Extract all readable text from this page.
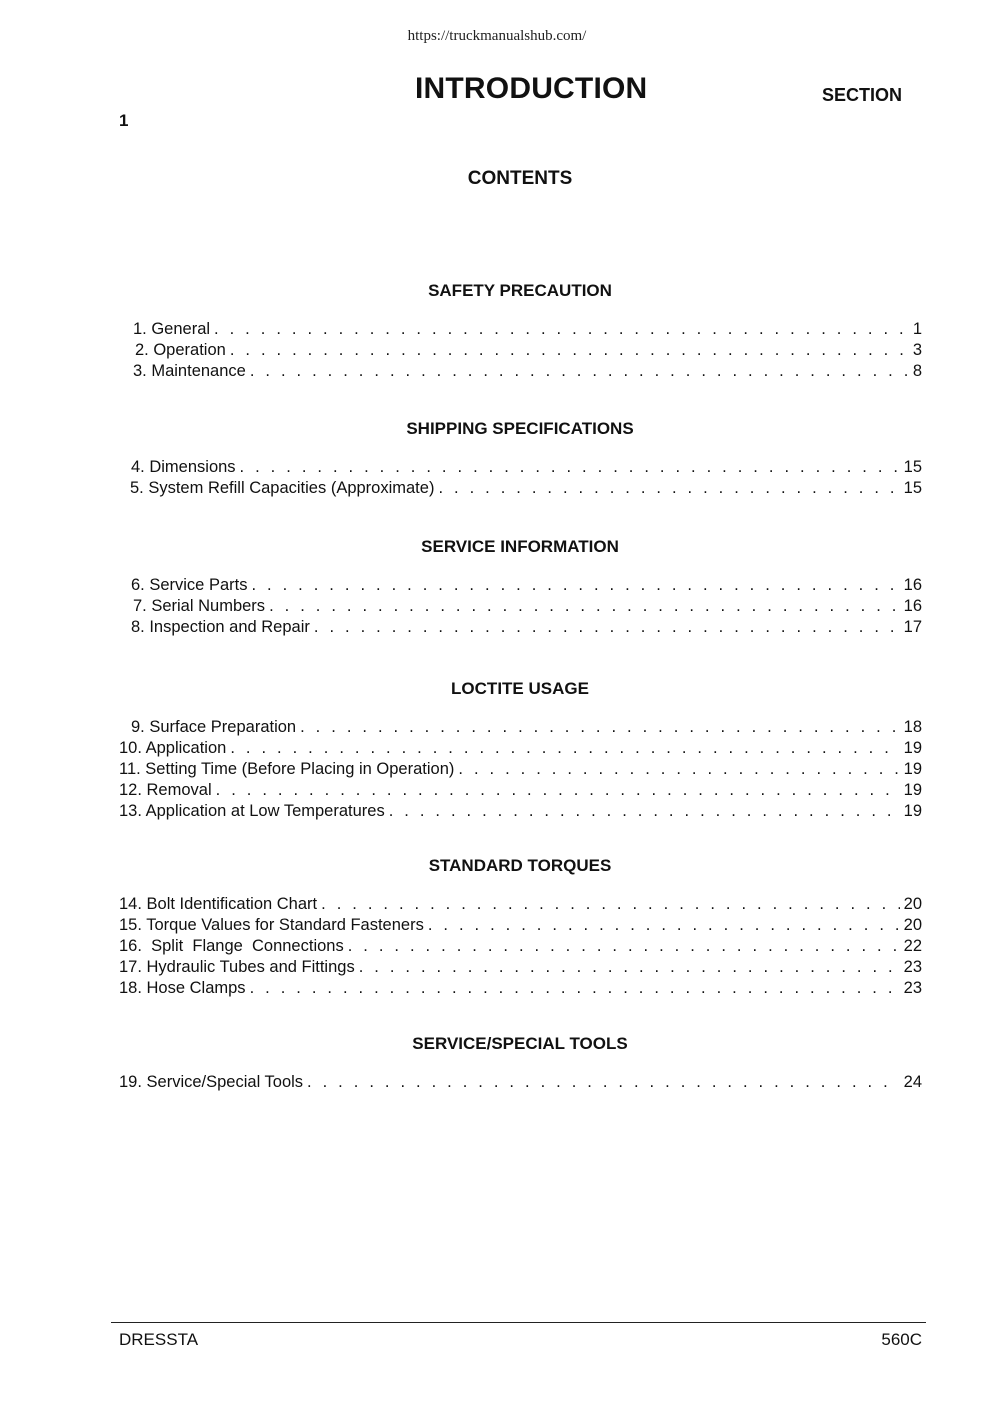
https://truckmanualshub.com/
INTRODUCTION	SECTION
1
CONTENTS
SAFETY PRECAUTION
1. General . . .	1
2. Operation . . .	3
3. Maintenance . . .	8
SHIPPING SPECIFICATIONS
4. Dimensions . . .	15
5. System Refill Capacities (Approximate) . . .	15
SERVICE INFORMATION
6. Service Parts . . .	16
7. Serial Numbers . . .	16
8. Inspection and Repair . . .	17
LOCTITE USAGE
9. Surface Preparation . . .	18
10. Application . . .	19
11. Setting Time (Before Placing in Operation) . . .	19
12. Removal . . .	19
13. Application at Low Temperatures . . .	19
STANDARD TORQUES
14. Bolt Identification Chart . . .	20
15. Torque Values for Standard Fasteners . . .	20
16.  Split  Flange  Connections . . .	22
17. Hydraulic Tubes and Fittings . . .	23
18. Hose Clamps . . .	23
SERVICE/SPECIAL TOOLS
19. Service/Special Tools . . .	24
DRESSTA	560C
